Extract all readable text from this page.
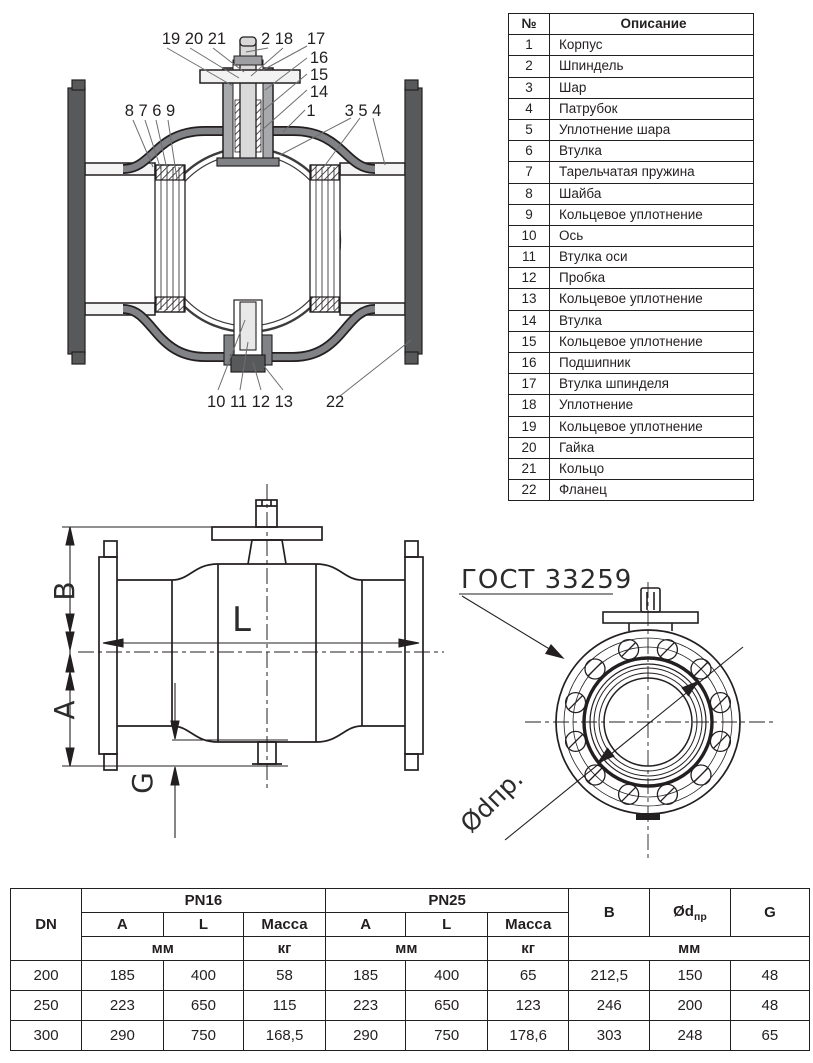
19 20 21 2 18 17
16
15
14
1 3 5 4
8 7 6 9
10 11 12 13 22
№	Описание
1	Корпус
2	Шпиндель
3	Шар
4	Патрубок
5	Уплотнение шара
6	Втулка
7	Тарельчатая пружина
8	Шайба
9	Кольцевое уплотнение
10	Ось
11	Втулка оси
12	Пробка
13	Кольцевое уплотнение
14	Втулка
15	Кольцевое уплотнение
16	Подшипник
17	Втулка шпинделя
18	Уплотнение
19	Кольцевое уплотнение
20	Гайка
21	Кольцо
22	Фланец
B
A
L
G
ГОСТ 33259
Ødпр.
DN	PN16			PN25			B	$Ød_{пр}$	G
	A	L	Масса	A	L	Масса			
	мм		кг	мм		кг	мм		
200	185	400	58	185	400	65	212,5	150	48
250	223	650	115	223	650	123	246	200	48
300	290	750	168,5	290	750	178,6	303	248	65
